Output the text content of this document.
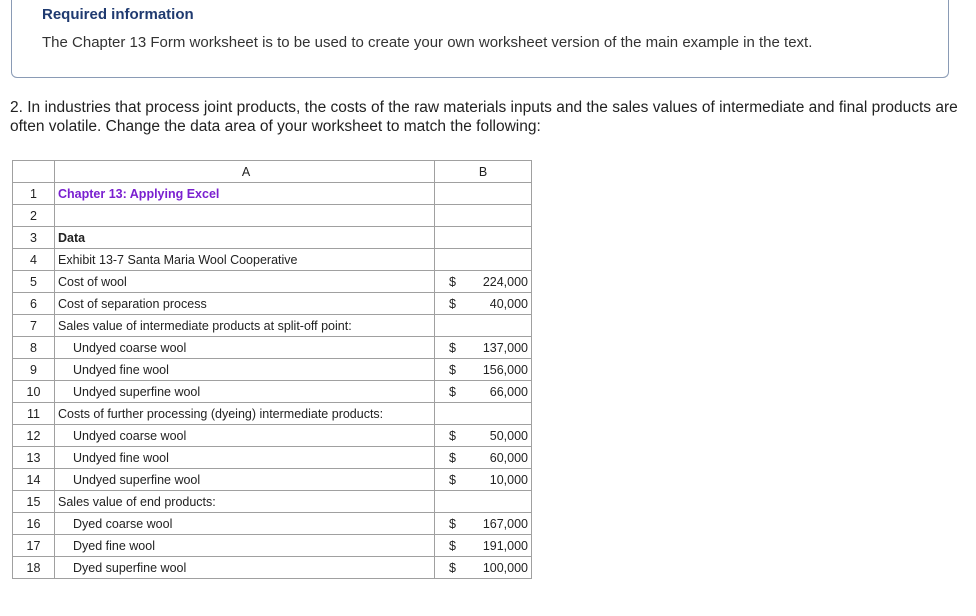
Required information
The Chapter 13 Form worksheet is to be used to create your own worksheet version of the main example in the text.
2. In industries that process joint products, the costs of the raw materials inputs and the sales values of intermediate and final products are often volatile. Change the data area of your worksheet to match the following:
	A	B
1	Chapter 13: Applying Excel	

2		

3	Data	

4	Exhibit 13-7 Santa Maria Wool Cooperative	

5	Cost of wool	$ 224,000

6	Cost of separation process	$ 40,000

7	Sales value of intermediate products at split-off point:	

8	Undyed coarse wool	$ 137,000

9	Undyed fine wool	$ 156,000

10	Undyed superfine wool	$ 66,000

11	Costs of further processing (dyeing) intermediate products:	

12	Undyed coarse wool	$ 50,000

13	Undyed fine wool	$ 60,000

14	Undyed superfine wool	$ 10,000

15	Sales value of end products:	

16	Dyed coarse wool	$ 167,000

17	Dyed fine wool	$ 191,000

18	Dyed superfine wool	$ 100,000
